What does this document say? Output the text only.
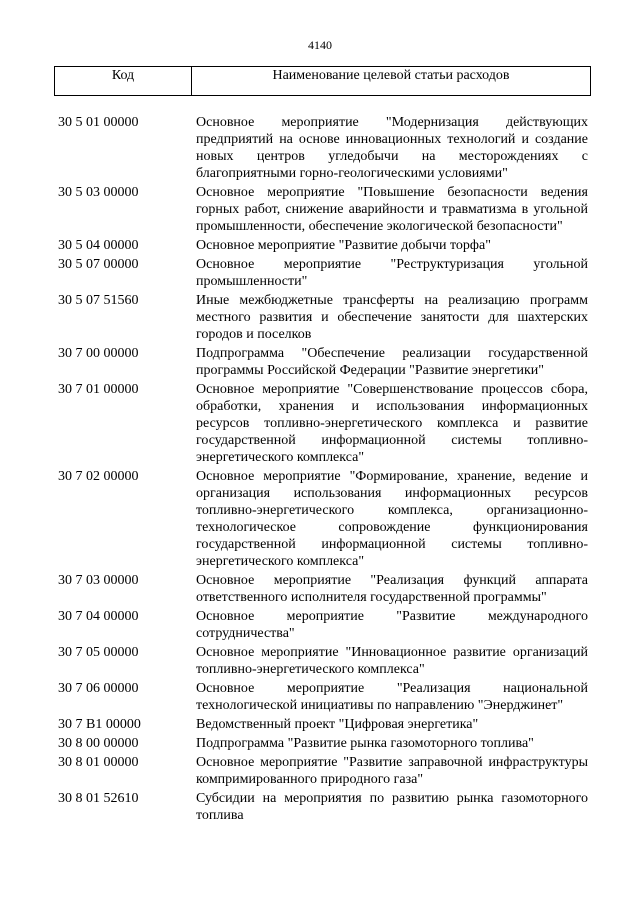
4140
Код	Наименование целевой статьи расходов
30 5 01 00000	Основное мероприятие "Модернизация действующих предприятий на основе инновационных технологий и создание новых центров угледобычи на месторождениях с благоприятными горно-геологическими условиями"
30 5 03 00000	Основное мероприятие "Повышение безопасности ведения горных работ, снижение аварийности и травматизма в угольной промышленности, обеспечение экологической безопасности"
30 5 04 00000	Основное мероприятие "Развитие добычи торфа"
30 5 07 00000	Основное мероприятие "Реструктуризация угольной промышленности"
30 5 07 51560	Иные межбюджетные трансферты на реализацию программ местного развития и обеспечение занятости для шахтерских городов и поселков
30 7 00 00000	Подпрограмма "Обеспечение реализации государственной программы Российской Федерации "Развитие энергетики"
30 7 01 00000	Основное мероприятие "Совершенствование процессов сбора, обработки, хранения и использования информационных ресурсов топливно-энергетического комплекса и развитие государственной информационной системы топливно-энергетического комплекса"
30 7 02 00000	Основное мероприятие "Формирование, хранение, ведение и организация использования информационных ресурсов топливно-энергетического комплекса, организационно-технологическое сопровождение функционирования государственной информационной системы топливно-энергетического комплекса"
30 7 03 00000	Основное мероприятие "Реализация функций аппарата ответственного исполнителя государственной программы"
30 7 04 00000	Основное мероприятие "Развитие международного сотрудничества"
30 7 05 00000	Основное мероприятие "Инновационное развитие организаций топливно-энергетического комплекса"
30 7 06 00000	Основное мероприятие "Реализация национальной технологической инициативы по направлению "Энерджинет"
30 7 В1 00000	Ведомственный проект "Цифровая энергетика"
30 8 00 00000	Подпрограмма "Развитие рынка газомоторного топлива"
30 8 01 00000	Основное мероприятие "Развитие заправочной инфраструктуры компримированного природного газа"
30 8 01 52610	Субсидии на мероприятия по развитию рынка газомоторного топлива
